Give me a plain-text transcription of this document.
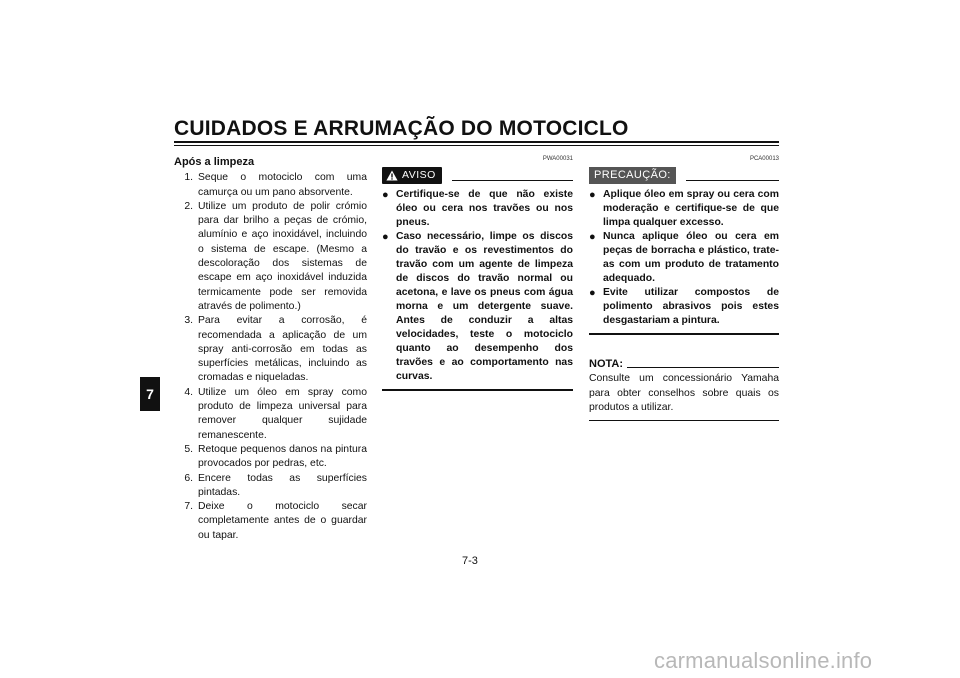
CUIDADOS E ARRUMAÇÃO DO MOTOCICLO
7
Após a limpeza
1. Seque o motociclo com uma camurça ou um pano absorvente.
2. Utilize um produto de polir crómio para dar brilho a peças de crómio, alumínio e aço inoxidável, incluindo o sistema de escape. (Mesmo a descoloração dos sistemas de escape em aço inoxidável induzida termicamente pode ser removida através de polimento.)
3. Para evitar a corrosão, é recomendada a aplicação de um spray anti-corrosão em todas as superfícies metálicas, incluindo as cromadas e niqueladas.
4. Utilize um óleo em spray como produto de limpeza universal para remover qualquer sujidade remanescente.
5. Retoque pequenos danos na pintura provocados por pedras, etc.
6. Encere todas as superfícies pintadas.
7. Deixe o motociclo secar completamente antes de o guardar ou tapar.
PWA00031
AVISO
● Certifique-se de que não existe óleo ou cera nos travões ou nos pneus.
● Caso necessário, limpe os discos do travão e os revestimentos do travão com um agente de limpeza de discos do travão normal ou acetona, e lave os pneus com água morna e um detergente suave. Antes de conduzir a altas velocidades, teste o motociclo quanto ao desempenho dos travões e ao comportamento nas curvas.
PCA00013
PRECAUÇÃO:
● Aplique óleo em spray ou cera com moderação e certifique-se de que limpa qualquer excesso.
● Nunca aplique óleo ou cera em peças de borracha e plástico, trate-as com um produto de tratamento adequado.
● Evite utilizar compostos de polimento abrasivos pois estes desgastariam a pintura.
NOTA:
Consulte um concessionário Yamaha para obter conselhos sobre quais os produtos a utilizar.
7-3
carmanualsonline.info
